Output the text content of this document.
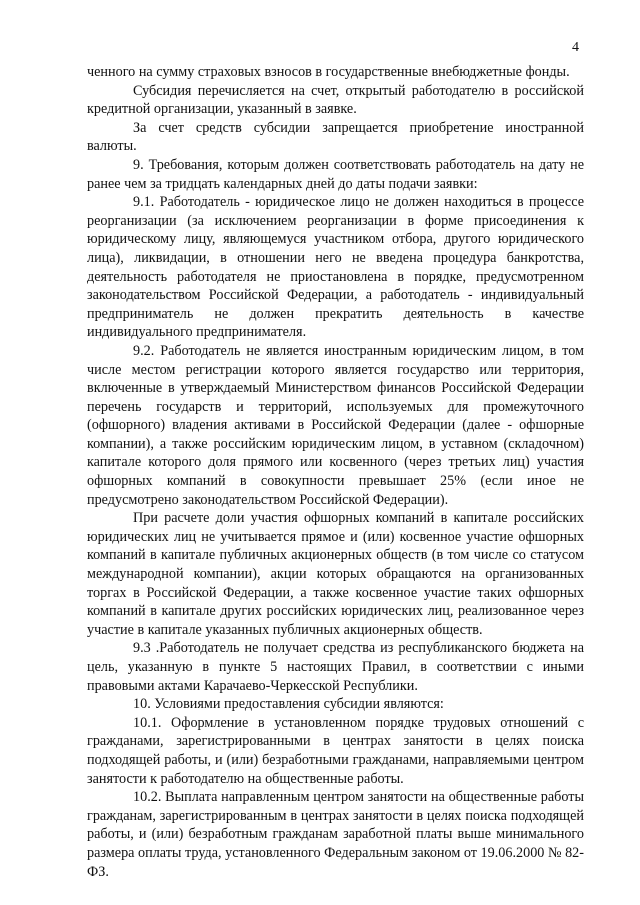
4

ченного на сумму страховых взносов в государственные внебюджетные фонды.

Субсидия перечисляется на счет, открытый работодателю в российской кредитной организации, указанный в заявке.

За счет средств субсидии запрещается приобретение иностранной валюты.

9. Требования, которым должен соответствовать работодатель на дату не ранее чем за тридцать календарных дней до даты подачи заявки:

9.1. Работодатель - юридическое лицо не должен находиться в процессе реорганизации (за исключением реорганизации в форме присоединения к юридическому лицу, являющемуся участником отбора, другого юридического лица), ликвидации, в отношении него не введена процедура банкротства, деятельность работодателя не приостановлена в порядке, предусмотренном законодательством Российской Федерации, а работодатель - индивидуальный предприниматель не должен прекратить деятельность в качестве индивидуального предпринимателя.

9.2. Работодатель не является иностранным юридическим лицом, в том числе местом регистрации которого является государство или территория, включенные в утверждаемый Министерством финансов Российской Федерации перечень государств и территорий, используемых для промежуточного (офшорного) владения активами в Российской Федерации (далее - офшорные компании), а также российским юридическим лицом, в уставном (складочном) капитале которого доля прямого или косвенного (через третьих лиц) участия офшорных компаний в совокупности превышает 25% (если иное не предусмотрено законодательством Российской Федерации).

При расчете доли участия офшорных компаний в капитале российских юридических лиц не учитывается прямое и (или) косвенное участие офшорных компаний в капитале публичных акционерных обществ (в том числе со статусом международной компании), акции которых обращаются на организованных торгах в Российской Федерации, а также косвенное участие таких офшорных компаний в капитале других российских юридических лиц, реализованное через участие в капитале указанных публичных акционерных обществ.

9.3 .Работодатель не получает средства из республиканского бюджета на цель, указанную в пункте 5 настоящих Правил, в соответствии с иными правовыми актами Карачаево-Черкесской Республики.

10. Условиями предоставления субсидии являются:

10.1. Оформление в установленном порядке трудовых отношений с гражданами, зарегистрированными в центрах занятости в целях поиска подходящей работы, и (или) безработными гражданами, направляемыми центром занятости к работодателю на общественные работы.

10.2. Выплата направленным центром занятости на общественные работы гражданам, зарегистрированным в центрах занятости в целях поиска подходящей работы, и (или) безработным гражданам заработной платы выше минимального размера оплаты труда, установленного Федеральным законом от 19.06.2000 № 82-ФЗ.
